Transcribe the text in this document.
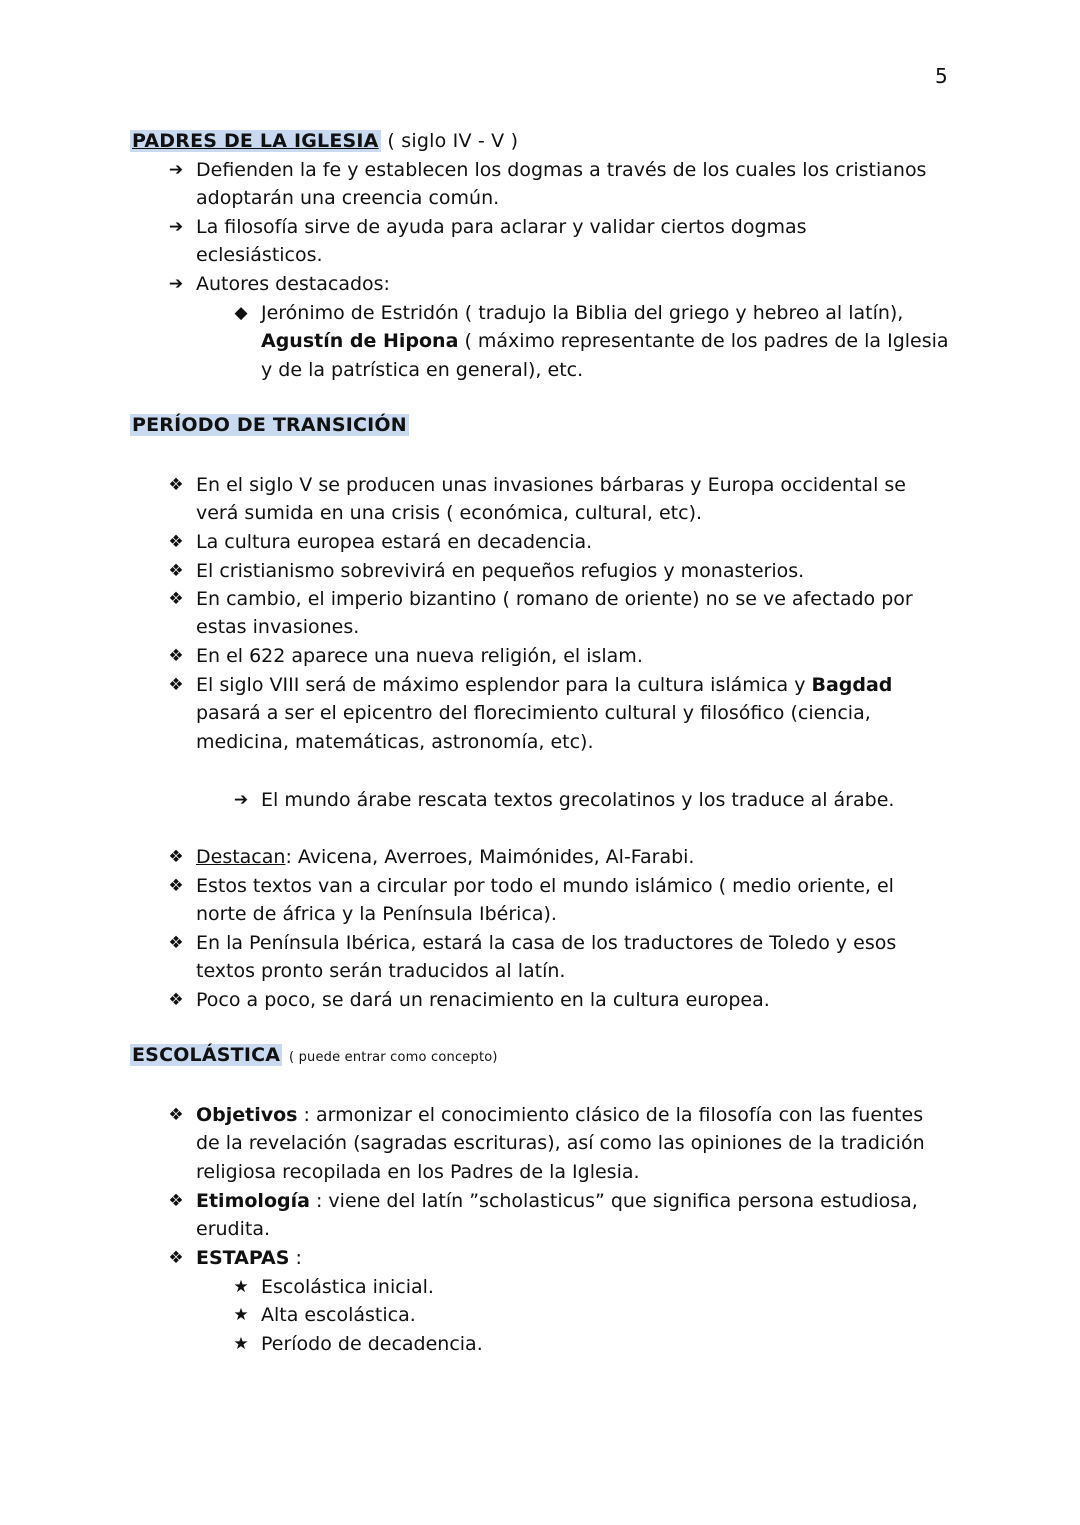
5
PADRES DE LA IGLESIA ( siglo IV - V )
➔ Defienden la fe y establecen los dogmas a través de los cuales los cristianos
adoptarán una creencia común.
➔ La filosofía sirve de ayuda para aclarar y validar ciertos dogmas
eclesiásticos.
➔ Autores destacados:
◆ Jerónimo de Estridón ( tradujo la Biblia del griego y hebreo al latín),
Agustín de Hipona ( máximo representante de los padres de la Iglesia
y de la patrística en general), etc.
PERÍODO DE TRANSICIÓN
❖ En el siglo V se producen unas invasiones bárbaras y Europa occidental se
verá sumida en una crisis ( económica, cultural, etc).
❖ La cultura europea estará en decadencia.
❖ El cristianismo sobrevivirá en pequeños refugios y monasterios.
❖ En cambio, el imperio bizantino ( romano de oriente) no se ve afectado por
estas invasiones.
❖ En el 622 aparece una nueva religión, el islam.
❖ El siglo VIII será de máximo esplendor para la cultura islámica y Bagdad
pasará a ser el epicentro del florecimiento cultural y filosófico (ciencia,
medicina, matemáticas, astronomía, etc).
➔ El mundo árabe rescata textos grecolatinos y los traduce al árabe.
❖ Destacan: Avicena, Averroes, Maimónides, Al-Farabi.
❖ Estos textos van a circular por todo el mundo islámico ( medio oriente, el
norte de áfrica y la Península Ibérica).
❖ En la Península Ibérica, estará la casa de los traductores de Toledo y esos
textos pronto serán traducidos al latín.
❖ Poco a poco, se dará un renacimiento en la cultura europea.
ESCOLÁSTICA ( puede entrar como concepto)
❖ Objetivos : armonizar el conocimiento clásico de la filosofía con las fuentes
de la revelación (sagradas escrituras), así como las opiniones de la tradición
religiosa recopilada en los Padres de la Iglesia.
❖ Etimología : viene del latín ”scholasticus” que significa persona estudiosa,
erudita.
❖ ESTAPAS :
★ Escolástica inicial.
★ Alta escolástica.
★ Período de decadencia.
